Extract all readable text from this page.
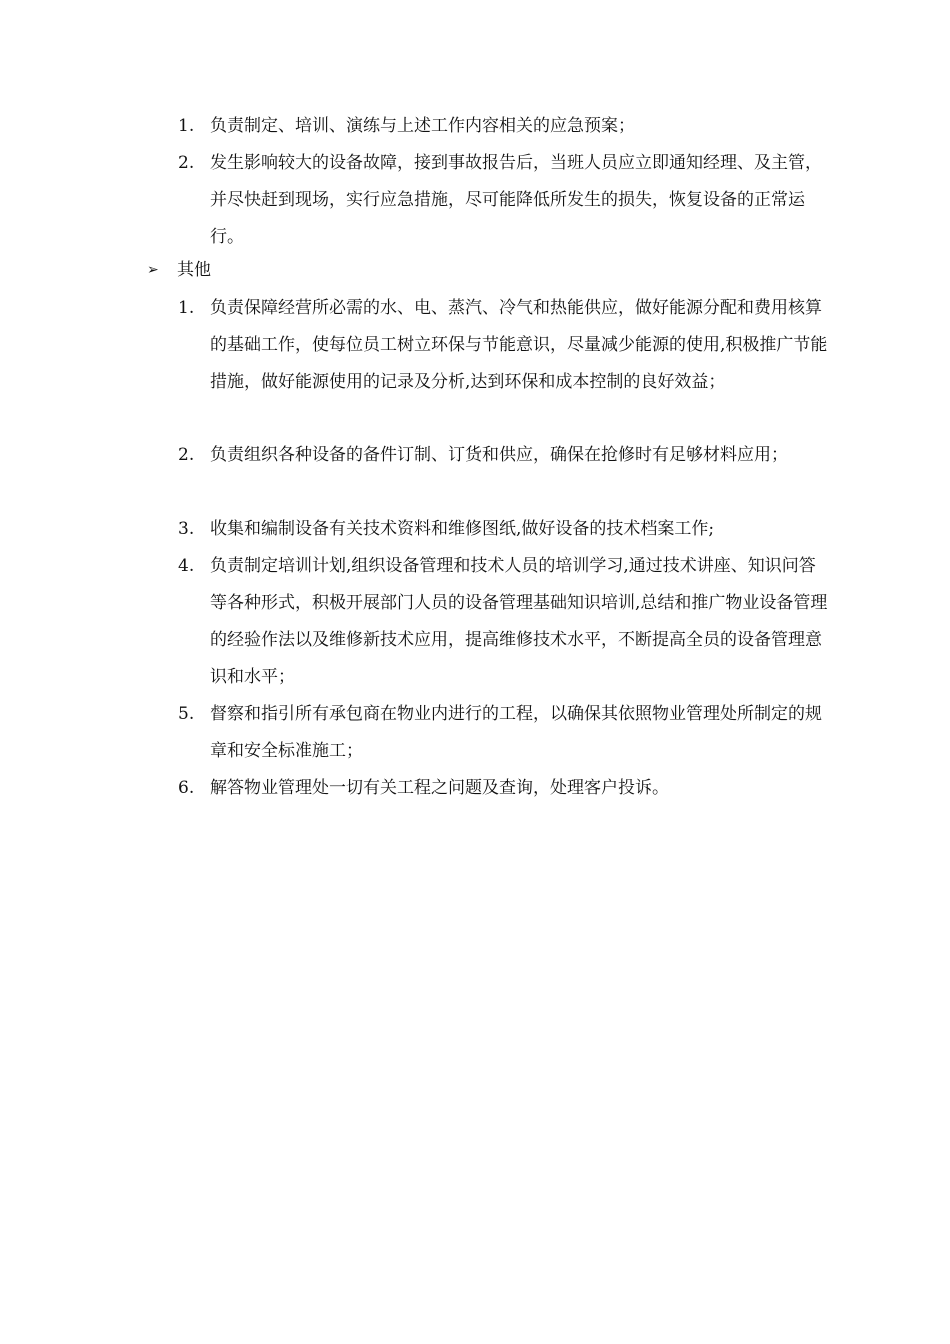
1. 负责制定、培训、演练与上述工作内容相关的应急预案；
2. 发生影响较大的设备故障，接到事故报告后，当班人员应立即通知经理、及主管，并尽快赶到现场，实行应急措施，尽可能降低所发生的损失，恢复设备的正常运行。
➢	其他
1. 负责保障经营所必需的水、电、蒸汽、冷气和热能供应，做好能源分配和费用核算的基础工作，使每位员工树立环保与节能意识，尽量减少能源的使用,积极推广节能措施，做好能源使用的记录及分析,达到环保和成本控制的良好效益；
2. 负责组织各种设备的备件订制、订货和供应，确保在抢修时有足够材料应用；
3. 收集和编制设备有关技术资料和维修图纸,做好设备的技术档案工作;
4. 负责制定培训计划,组织设备管理和技术人员的培训学习,通过技术讲座、知识问答等各种形式，积极开展部门人员的设备管理基础知识培训,总结和推广物业设备管理的经验作法以及维修新技术应用，提高维修技术水平，不断提高全员的设备管理意识和水平；
5. 督察和指引所有承包商在物业内进行的工程，以确保其依照物业管理处所制定的规章和安全标准施工；
6. 解答物业管理处一切有关工程之问题及查询，处理客户投诉。
